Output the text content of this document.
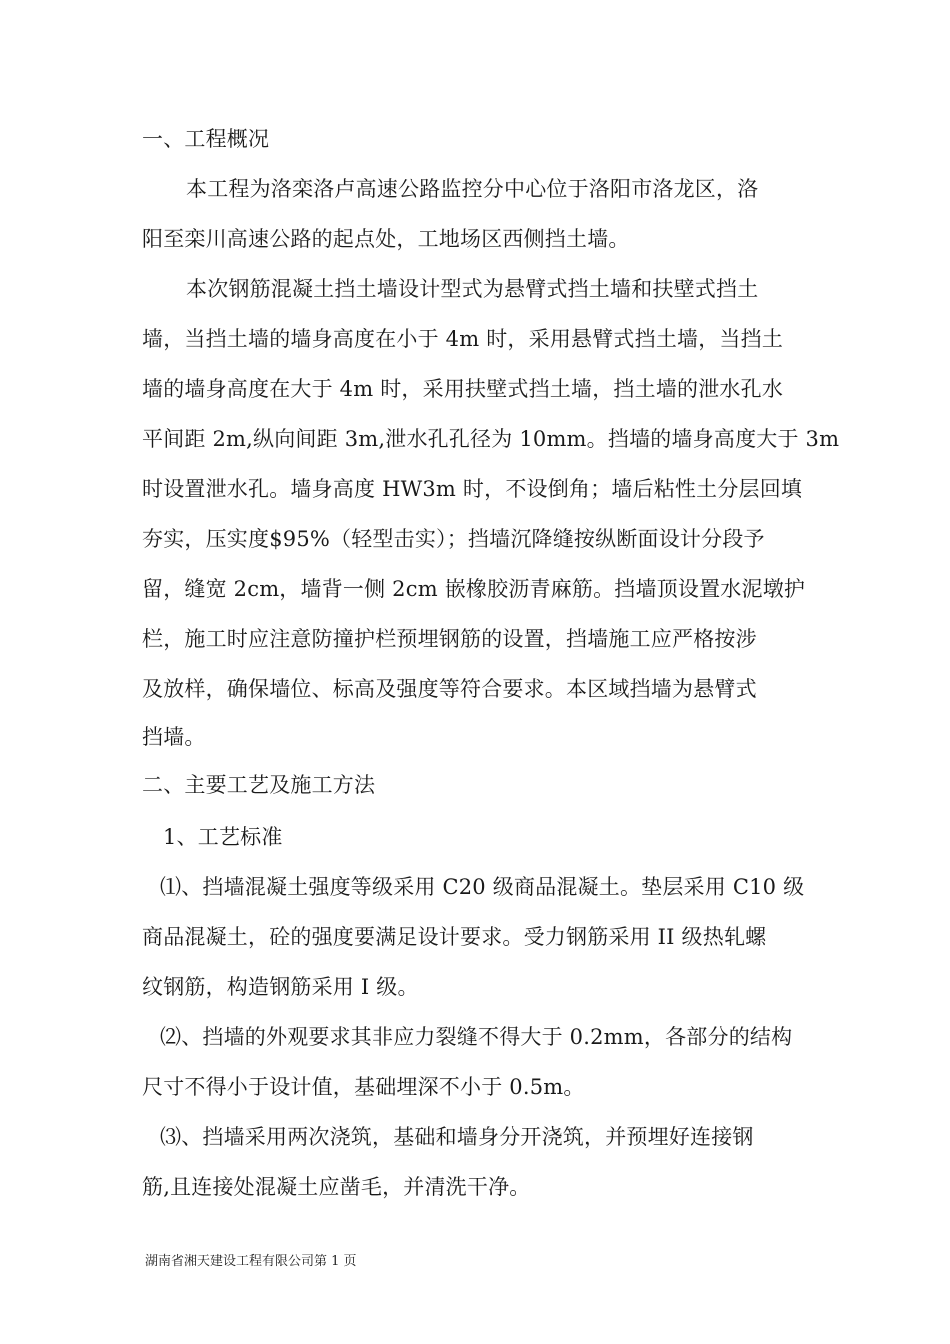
一、工程概况
本工程为洛栾洛卢高速公路监控分中心位于洛阳市洛龙区，洛
阳至栾川高速公路的起点处，工地场区西侧挡土墙。
本次钢筋混凝土挡土墙设计型式为悬臂式挡土墙和扶壁式挡土
墙，当挡土墙的墙身高度在小于 4m 时，采用悬臂式挡土墙，当挡土
墙的墙身高度在大于 4m 时，采用扶壁式挡土墙，挡土墙的泄水孔水
平间距 2m,纵向间距 3m,泄水孔孔径为 10mm。挡墙的墙身高度大于 3m
时设置泄水孔。墙身高度 HW3m 时，不设倒角；墙后粘性土分层回填
夯实，压实度$95%（轻型击实）；挡墙沉降缝按纵断面设计分段予
留，缝宽 2cm，墙背一侧 2cm 嵌橡胶沥青麻筋。挡墙顶设置水泥墩护
栏，施工时应注意防撞护栏预埋钢筋的设置，挡墙施工应严格按涉
及放样，确保墙位、标高及强度等符合要求。本区域挡墙为悬臂式
挡墙。
二、主要工艺及施工方法
1、工艺标准
⑴、挡墙混凝土强度等级采用 C20 级商品混凝土。垫层采用 C10 级
商品混凝土，砼的强度要满足设计要求。受力钢筋采用 II 级热轧螺
纹钢筋，构造钢筋采用 I 级。
⑵、挡墙的外观要求其非应力裂缝不得大于 0.2mm，各部分的结构
尺寸不得小于设计值，基础埋深不小于 0.5m。
⑶、挡墙采用两次浇筑，基础和墙身分开浇筑，并预埋好连接钢
筋,且连接处混凝土应凿毛，并清洗干净。
湖南省湘天建设工程有限公司第 1 页
